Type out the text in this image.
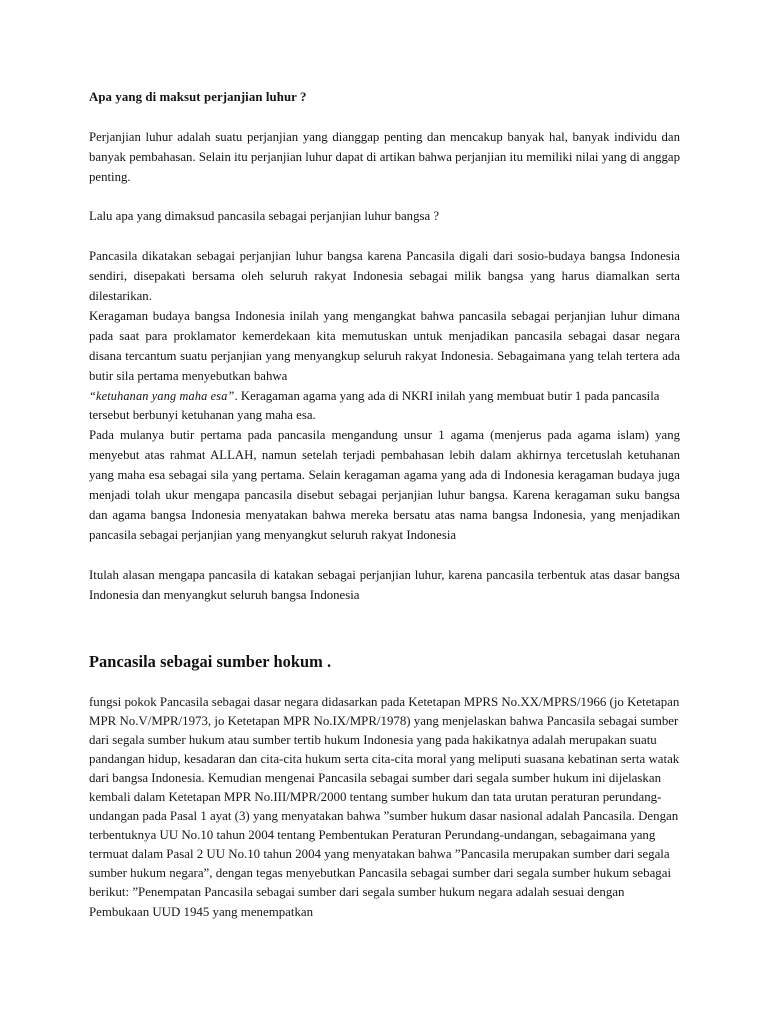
Apa yang di maksut perjanjian luhur ?

Perjanjian luhur adalah suatu perjanjian yang dianggap penting dan mencakup banyak hal, banyak individu dan banyak pembahasan. Selain itu perjanjian luhur dapat di artikan bahwa perjanjian itu memiliki nilai yang di anggap penting.

Lalu apa yang dimaksud pancasila sebagai perjanjian luhur bangsa ?

Pancasila dikatakan sebagai perjanjian luhur bangsa karena Pancasila digali dari sosio-budaya bangsa Indonesia sendiri, disepakati bersama oleh seluruh rakyat Indonesia sebagai milik bangsa yang harus diamalkan serta dilestarikan.

Keragaman budaya bangsa Indonesia inilah yang mengangkat bahwa pancasila sebagai perjanjian luhur dimana pada saat para proklamator kemerdekaan kita memutuskan untuk menjadikan pancasila sebagai dasar negara disana tercantum suatu perjanjian yang menyangkup seluruh rakyat Indonesia. Sebagaimana yang telah tertera ada butir sila pertama menyebutkan bahwa

“ketuhanan yang maha esa”. Keragaman agama yang ada di NKRI inilah yang membuat butir 1 pada pancasila tersebut berbunyi ketuhanan yang maha esa.

Pada mulanya butir pertama pada pancasila mengandung unsur 1 agama (menjerus pada agama islam) yang menyebut atas rahmat ALLAH, namun setelah terjadi pembahasan lebih dalam akhirnya tercetuslah ketuhanan yang maha esa sebagai sila yang pertama. Selain keragaman agama yang ada di Indonesia keragaman budaya juga menjadi tolah ukur mengapa pancasila disebut sebagai perjanjian luhur bangsa. Karena keragaman suku bangsa dan agama bangsa Indonesia menyatakan bahwa mereka bersatu atas nama bangsa Indonesia, yang menjadikan pancasila sebagai perjanjian yang menyangkut seluruh rakyat Indonesia

Itulah alasan mengapa pancasila di katakan sebagai perjanjian luhur, karena pancasila terbentuk atas dasar bangsa Indonesia dan menyangkut seluruh bangsa Indonesia

Pancasila sebagai sumber hokum .

fungsi pokok Pancasila sebagai dasar negara didasarkan pada Ketetapan MPRS No.XX/MPRS/1966 (jo Ketetapan MPR No.V/MPR/1973, jo Ketetapan MPR No.IX/MPR/1978) yang menjelaskan bahwa Pancasila sebagai sumber dari segala sumber hukum atau sumber tertib hukum Indonesia yang pada hakikatnya adalah merupakan suatu pandangan hidup, kesadaran dan cita-cita hukum serta cita-cita moral yang meliputi suasana kebatinan serta watak dari bangsa Indonesia. Kemudian mengenai Pancasila sebagai sumber dari segala sumber hukum ini dijelaskan kembali dalam Ketetapan MPR No.III/MPR/2000 tentang sumber hukum dan tata urutan peraturan perundang-undangan pada Pasal 1 ayat (3) yang menyatakan bahwa ”sumber hukum dasar nasional adalah Pancasila. Dengan terbentuknya UU No.10 tahun 2004 tentang Pembentukan Peraturan Perundang-undangan, sebagaimana yang termuat dalam Pasal 2 UU No.10 tahun 2004 yang menyatakan bahwa ”Pancasila merupakan sumber dari segala sumber hukum negara”, dengan tegas menyebutkan Pancasila sebagai sumber dari segala sumber hukum sebagai berikut: ”Penempatan Pancasila sebagai sumber dari segala sumber hukum negara adalah sesuai dengan Pembukaan UUD 1945 yang menempatkan
